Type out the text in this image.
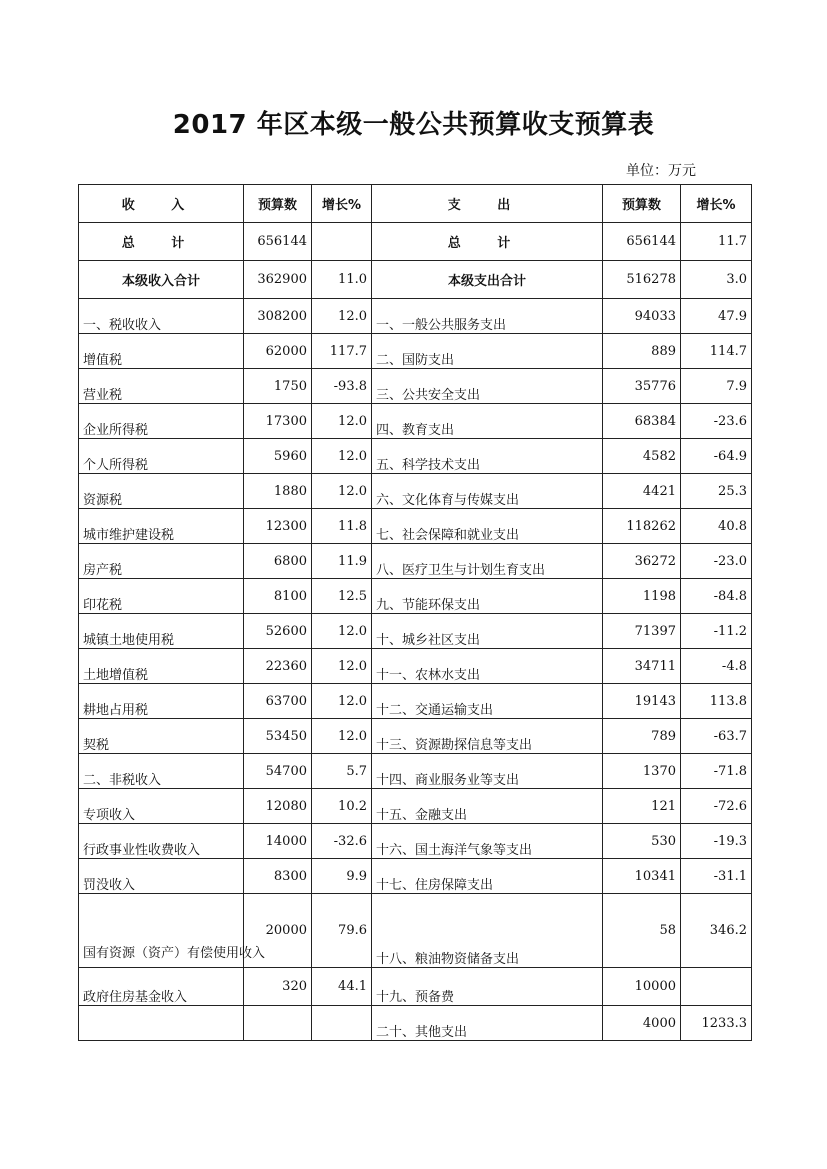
2017 年区本级一般公共预算收支预算表
单位：万元
收 入	预算数	增长%	支 出	预算数	增长%
总 计	656144		总 计	656144	11.7
本级收入合计	362900	11.0	本级支出合计	516278	3.0
一、税收收入	308200	12.0	一、一般公共服务支出	94033	47.9
增值税	62000	117.7	二、国防支出	889	114.7
营业税	1750	-93.8	三、公共安全支出	35776	7.9
企业所得税	17300	12.0	四、教育支出	68384	-23.6
个人所得税	5960	12.0	五、科学技术支出	4582	-64.9
资源税	1880	12.0	六、文化体育与传媒支出	4421	25.3
城市维护建设税	12300	11.8	七、社会保障和就业支出	118262	40.8
房产税	6800	11.9	八、医疗卫生与计划生育支出	36272	-23.0
印花税	8100	12.5	九、节能环保支出	1198	-84.8
城镇土地使用税	52600	12.0	十、城乡社区支出	71397	-11.2
土地增值税	22360	12.0	十一、农林水支出	34711	-4.8
耕地占用税	63700	12.0	十二、交通运输支出	19143	113.8
契税	53450	12.0	十三、资源勘探信息等支出	789	-63.7
二、非税收入	54700	5.7	十四、商业服务业等支出	1370	-71.8
专项收入	12080	10.2	十五、金融支出	121	-72.6
行政事业性收费收入	14000	-32.6	十六、国土海洋气象等支出	530	-19.3
罚没收入	8300	9.9	十七、住房保障支出	10341	-31.1
国有资源（资产）有偿使用收入	20000	79.6	十八、粮油物资储备支出	58	346.2
政府住房基金收入	320	44.1	十九、预备费	10000	
			二十、其他支出	4000	1233.3
